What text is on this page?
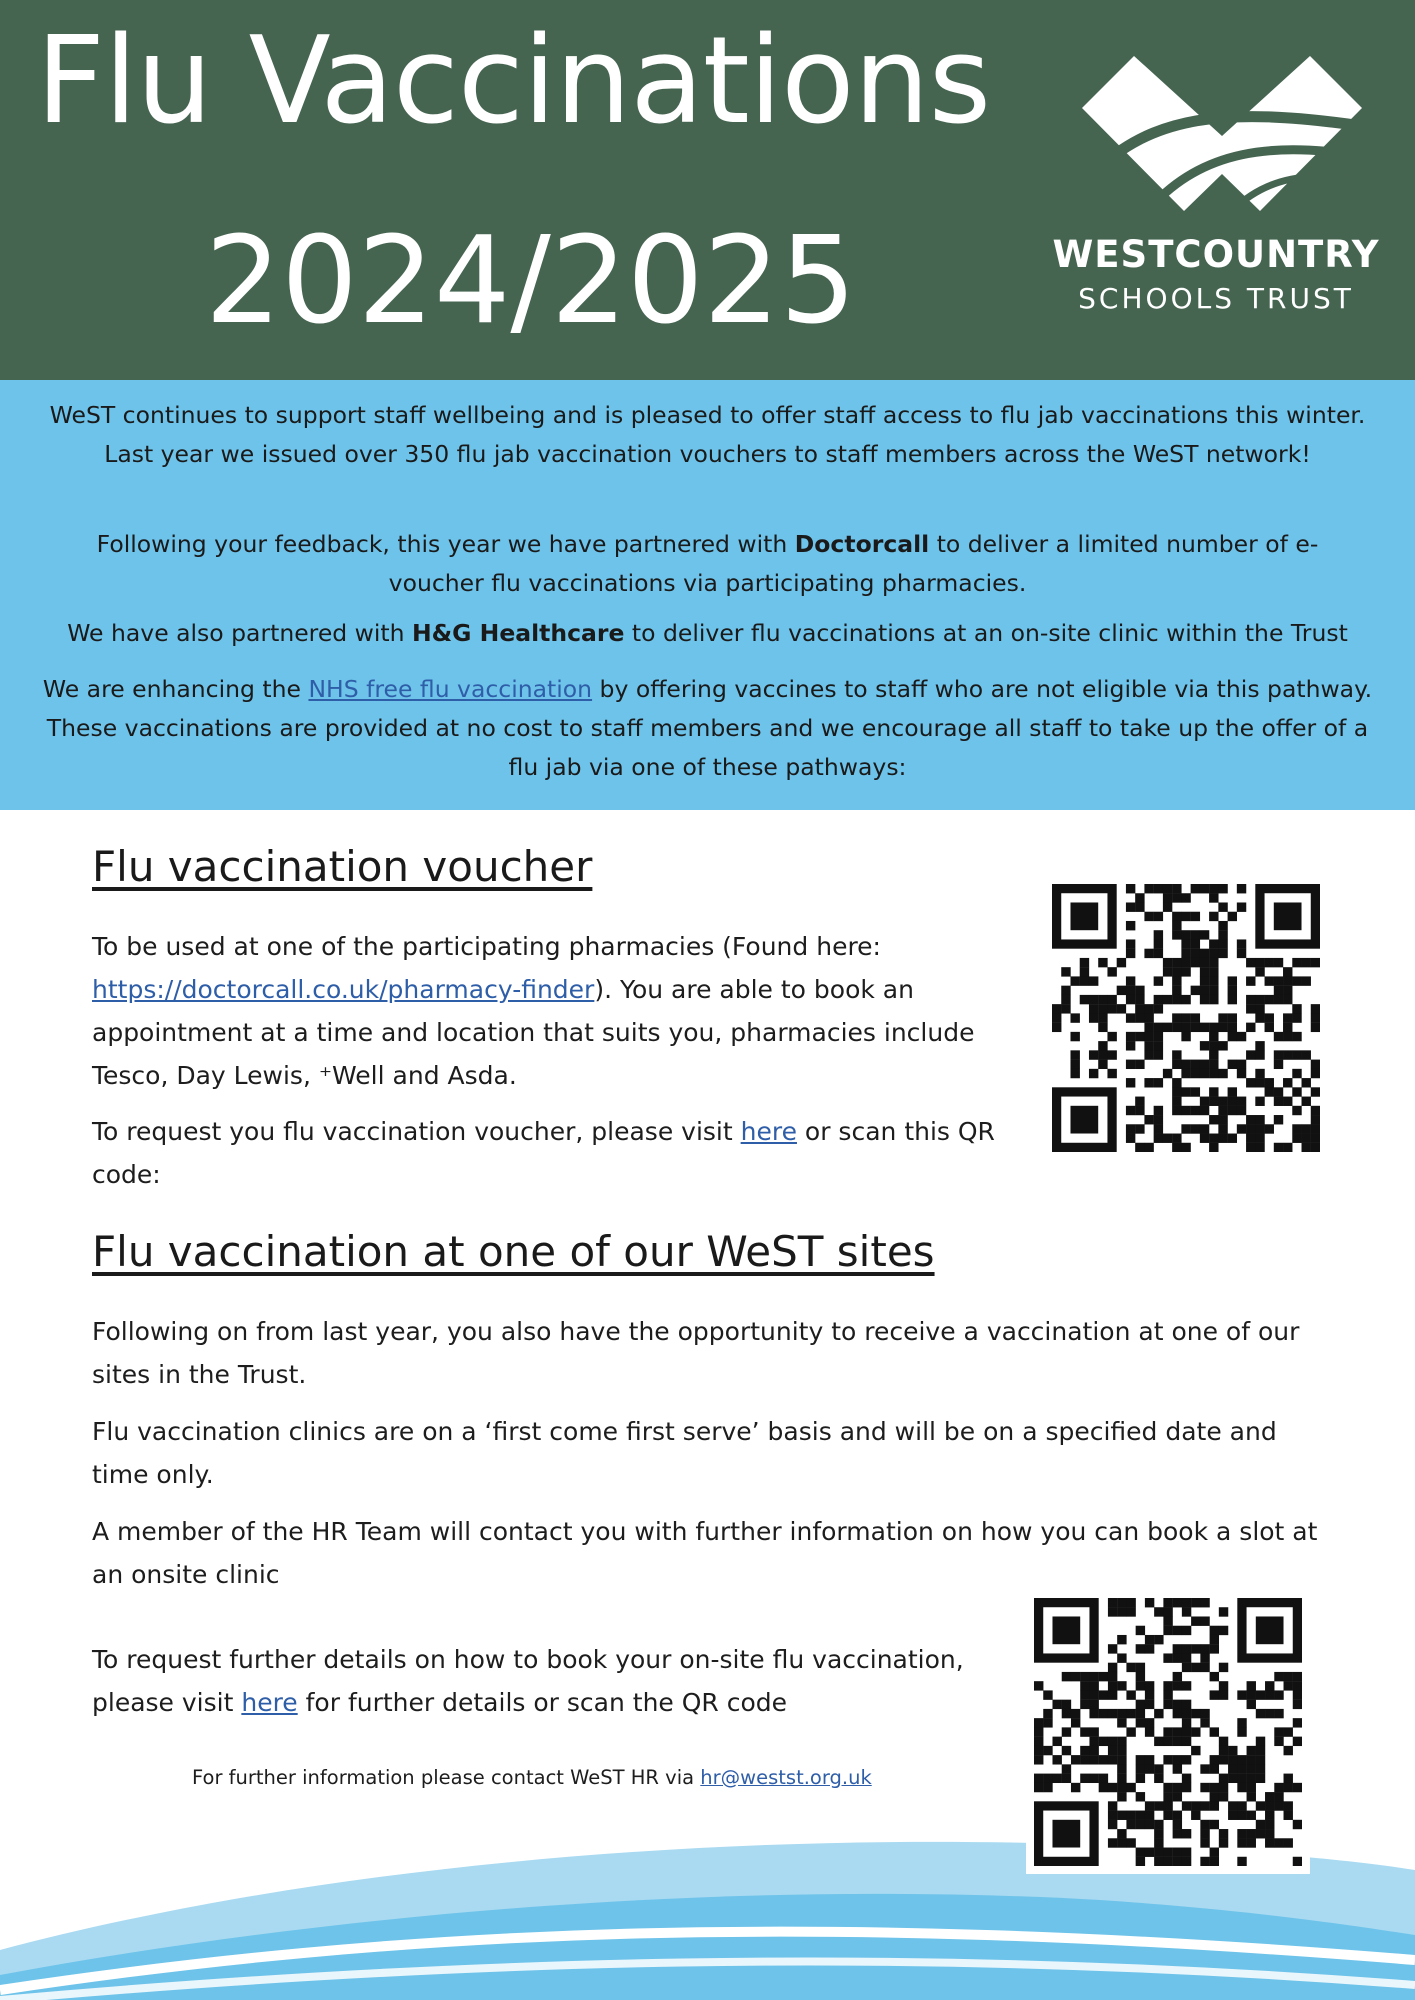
Flu Vaccinations
2024/2025	WESTCOUNTRY
SCHOOLS TRUST

WeST continues to support staff wellbeing and is pleased to offer staff access to flu jab vaccinations this winter. Last year we issued over 350 flu jab vaccination vouchers to staff members across the WeST network!

Following your feedback, this year we have partnered with Doctorcall to deliver a limited number of e-voucher flu vaccinations via participating pharmacies.

We have also partnered with H&G Healthcare to deliver flu vaccinations at an on-site clinic within the Trust

We are enhancing the NHS free flu vaccination by offering vaccines to staff who are not eligible via this pathway. These vaccinations are provided at no cost to staff members and we encourage all staff to take up the offer of a flu jab via one of these pathways:

Flu vaccination voucher

To be used at one of the participating pharmacies (Found here: https://doctorcall.co.uk/pharmacy-finder). You are able to book an appointment at a time and location that suits you, pharmacies include Tesco, Day Lewis, ⁺Well and Asda.

To request you flu vaccination voucher, please visit here or scan this QR code:

Flu vaccination at one of our WeST sites

Following on from last year, you also have the opportunity to receive a vaccination at one of our sites in the Trust.

Flu vaccination clinics are on a ‘first come first serve’ basis and will be on a specified date and time only.

A member of the HR Team will contact you with further information on how you can book a slot at an onsite clinic

To request further details on how to book your on-site flu vaccination, please visit here for further details or scan the QR code

For further information please contact WeST HR via hr@westst.org.uk
